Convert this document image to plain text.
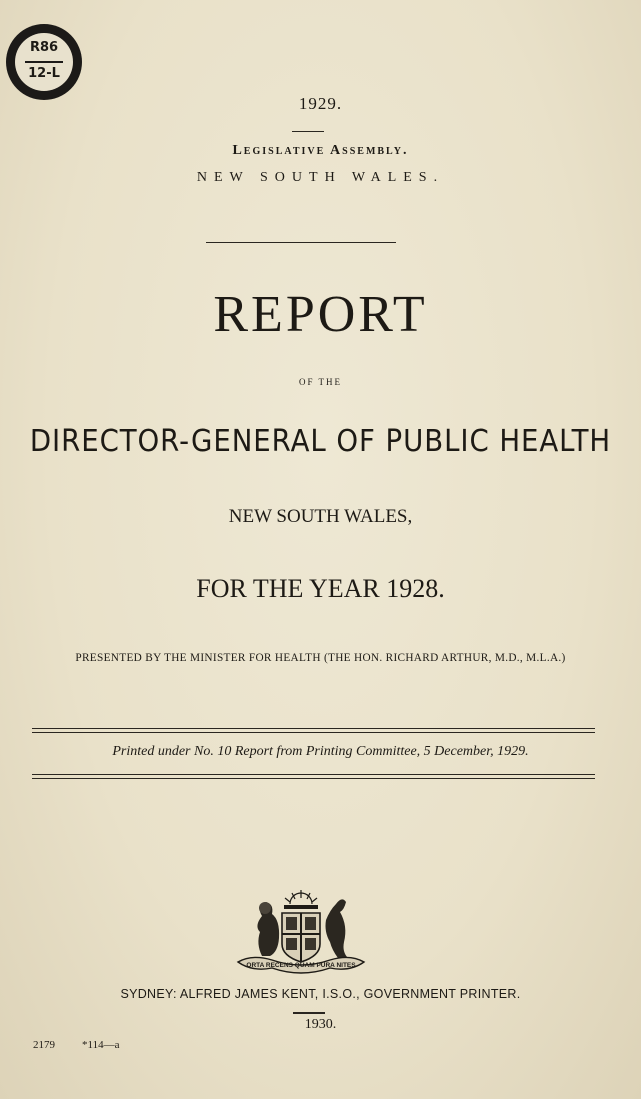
R86
12-L
1929.
Legislative Assembly.
NEW SOUTH WALES.
REPORT
OF THE
DIRECTOR-GENERAL OF PUBLIC HEALTH
NEW SOUTH WALES,
FOR THE YEAR 1928.
PRESENTED BY THE MINISTER FOR HEALTH (THE HON. RICHARD ARTHUR, M.D., M.L.A.)
Printed under No. 10 Report from Printing Committee, 5 December, 1929.
ORTA RECENS QUAM PURA NITES
SYDNEY: ALFRED JAMES KENT, I.S.O., GOVERNMENT PRINTER.
1930.
2179 *114—a
